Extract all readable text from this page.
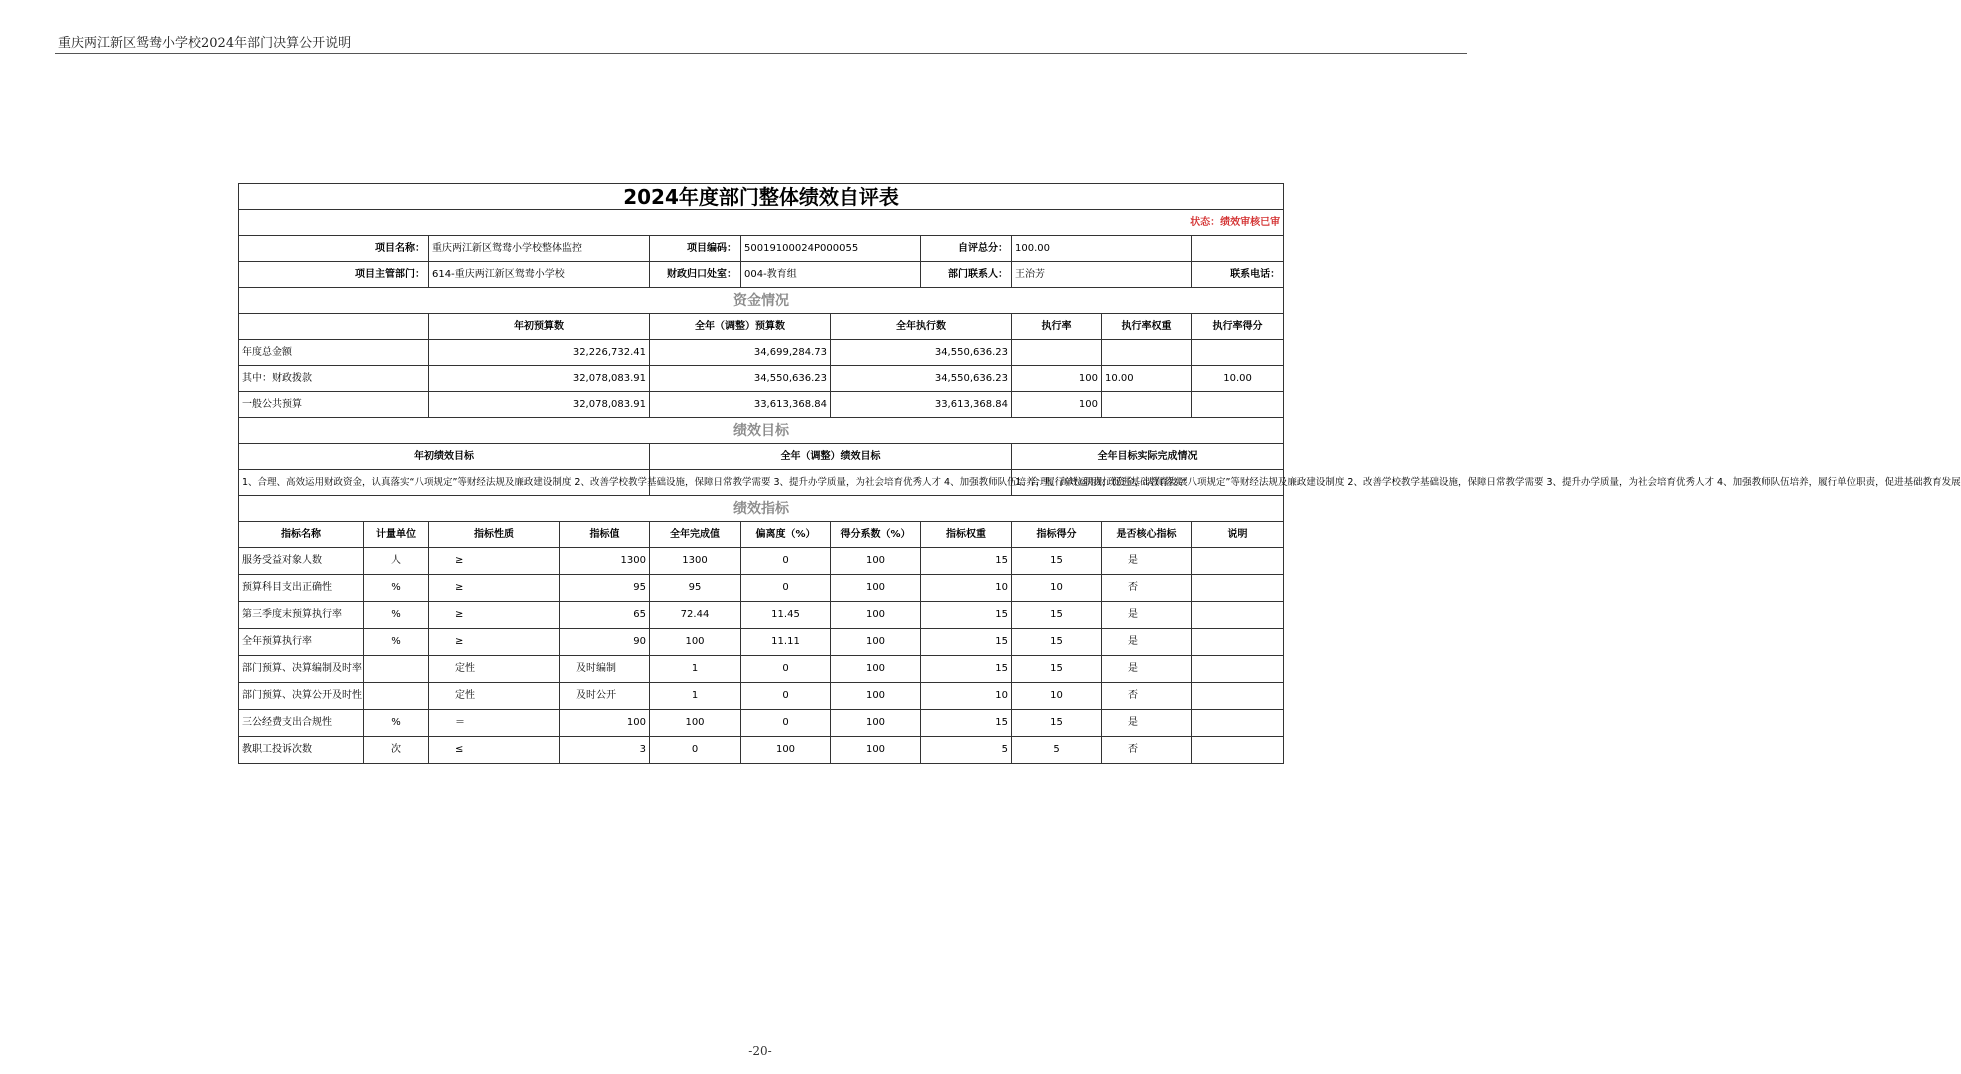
重庆两江新区鸳鸯小学校2024年部门决算公开说明
2024年度部门整体绩效自评表											
状态：绩效审核已审											
项目名称：		重庆两江新区鸳鸯小学校整体监控		项目编码：	50019100024P000055		自评总分：	100.00			
项目主管部门：		614-重庆两江新区鸳鸯小学校		财政归口处室：	004-教育组		部门联系人：	王治芳		联系电话：	
资金情况											
		年初预算数		全年（调整）预算数		全年执行数		执行率	执行率权重	执行率得分	
年度总金额		32,226,732.41		34,699,284.73		34,550,636.23					
其中：财政拨款		32,078,083.91		34,550,636.23		34,550,636.23		100	10.00	10.00	
一般公共预算		32,078,083.91		33,613,368.84		33,613,368.84		100			
绩效目标											
年初绩效目标				全年（调整）绩效目标				全年目标实际完成情况			
1、合理、高效运用财政资金，认真落实“八项规定”等财经法规及廉政建设制度 2、改善学校教学基础设施，保障日常教学需要 3、提升办学质量，为社会培育优秀人才 4、加强教师队伍培养，履行单位职责，促进基础教育发展								1、合理、高效运用财政资金，认真落实“八项规定”等财经法规及廉政建设制度 2、改善学校教学基础设施，保障日常教学需要 3、提升办学质量，为社会培育优秀人才 4、加强教师队伍培养，履行单位职责，促进基础教育发展			
绩效指标											
指标名称	计量单位	指标性质	指标值	全年完成值	偏离度（%）	得分系数（%）	指标权重	指标得分	是否核心指标	说明	
服务受益对象人数	人	≥	1300	1300	0	100	15	15	是		
预算科目支出正确性	%	≥	95	95	0	100	10	10	否		
第三季度末预算执行率	%	≥	65	72.44	11.45	100	15	15	是		
全年预算执行率	%	≥	90	100	11.11	100	15	15	是		
部门预算、决算编制及时率		定性	及时编制	1	0	100	15	15	是		
部门预算、决算公开及时性		定性	及时公开	1	0	100	10	10	否		
三公经费支出合规性	%	＝	100	100	0	100	15	15	是		
教职工投诉次数	次	≤	3	0	100	100	5	5	否		
-20-
